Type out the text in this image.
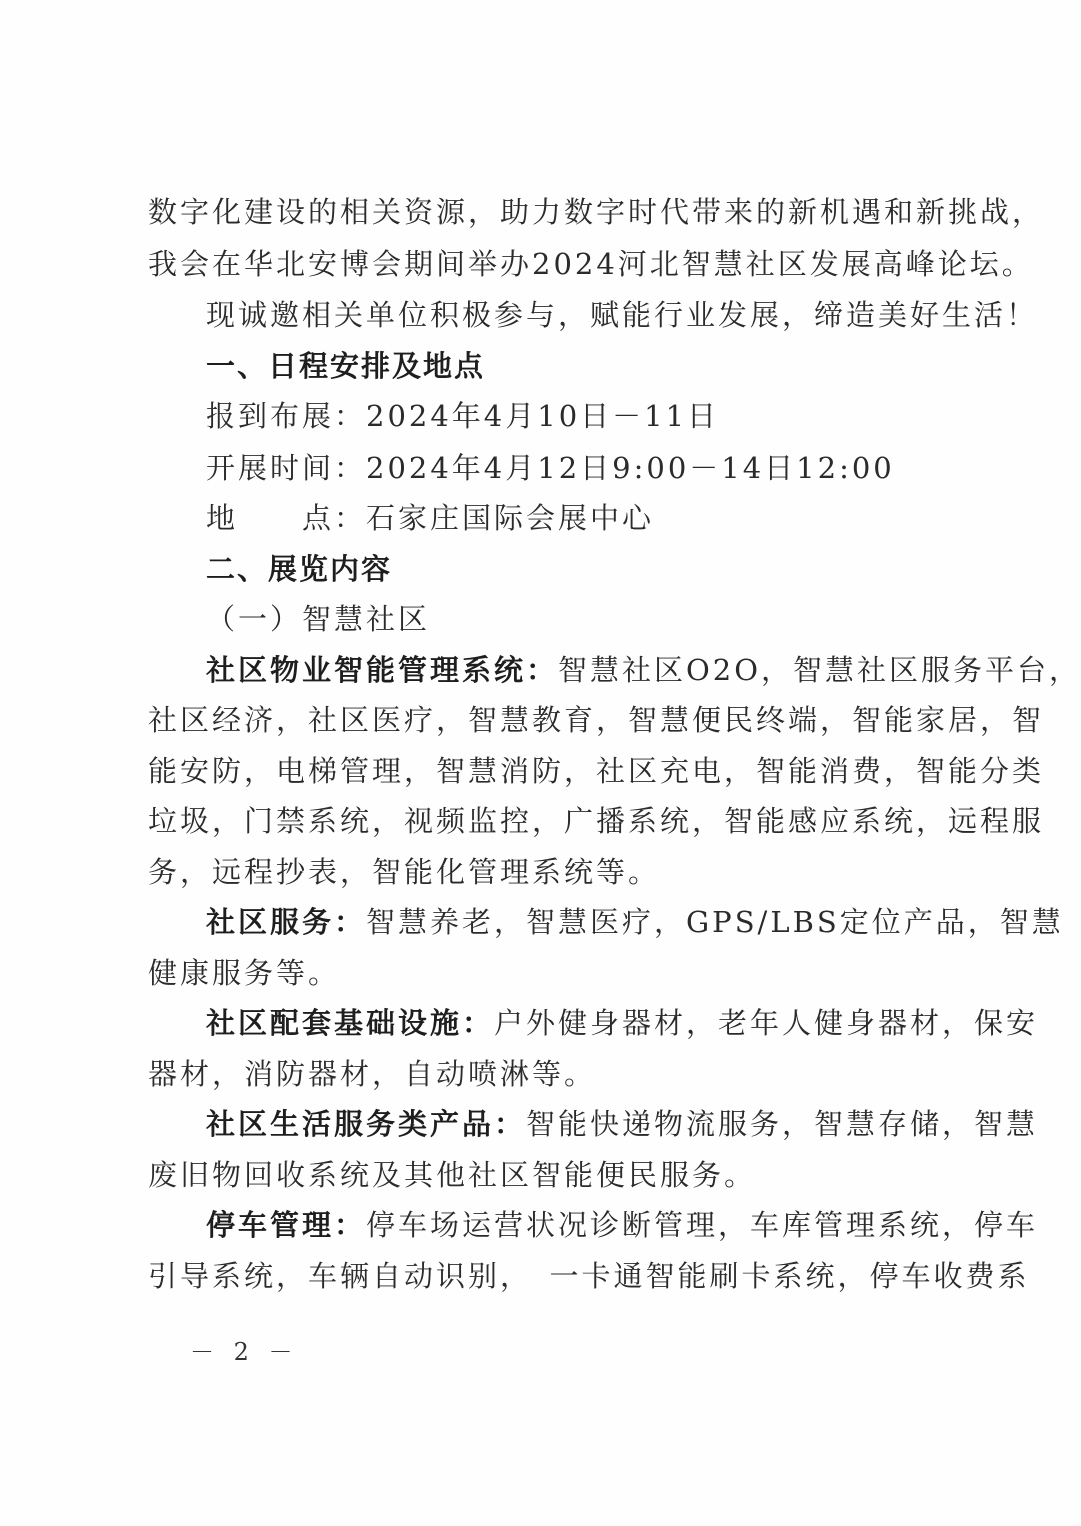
数字化建设的相关资源，助力数字时代带来的新机遇和新挑战，
我会在华北安博会期间举办2024河北智慧社区发展高峰论坛。
现诚邀相关单位积极参与，赋能行业发展，缔造美好生活！
一、日程安排及地点
报到布展：2024年4月10日－11日
开展时间：2024年4月12日9:00－14日12:00
地　　点：石家庄国际会展中心
二、展览内容
（一）智慧社区
社区物业智能管理系统：智慧社区O2O，智慧社区服务平台，
社区经济，社区医疗，智慧教育，智慧便民终端，智能家居，智
能安防，电梯管理，智慧消防，社区充电，智能消费，智能分类
垃圾，门禁系统，视频监控，广播系统，智能感应系统，远程服
务，远程抄表，智能化管理系统等。
社区服务：智慧养老，智慧医疗，GPS/LBS定位产品，智慧
健康服务等。
社区配套基础设施：户外健身器材，老年人健身器材，保安
器材，消防器材，自动喷淋等。
社区生活服务类产品：智能快递物流服务，智慧存储，智慧
废旧物回收系统及其他社区智能便民服务。
停车管理：停车场运营状况诊断管理，车库管理系统，停车
引导系统，车辆自动识别，　一卡通智能刷卡系统，停车收费系
－ 2 －
